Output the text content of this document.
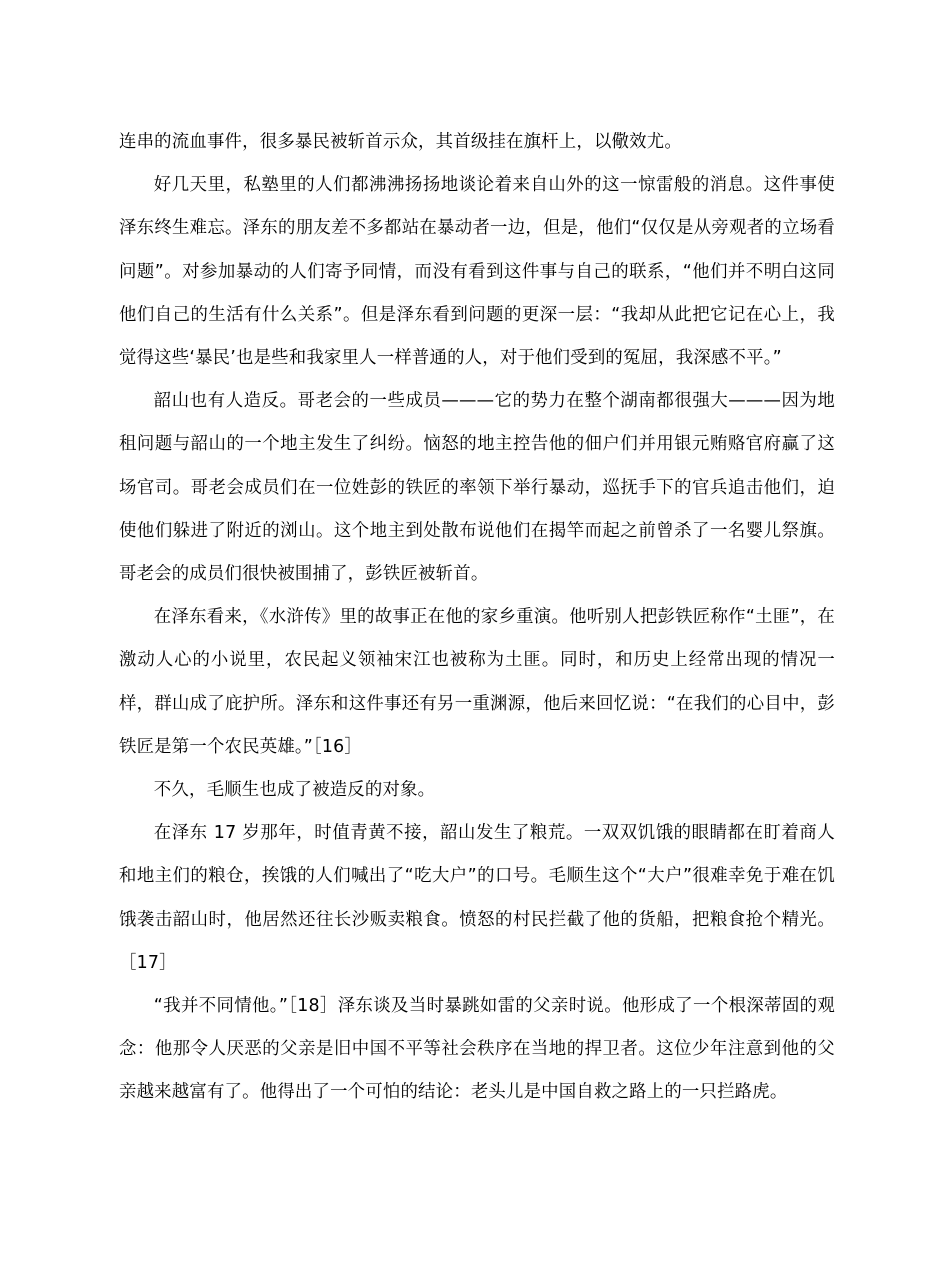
连串的流血事件，很多暴民被斩首示众，其首级挂在旗杆上，以儆效尤。

好几天里，私塾里的人们都沸沸扬扬地谈论着来自山外的这一惊雷般的消息。这件事使泽东终生难忘。泽东的朋友差不多都站在暴动者一边，但是，他们“仅仅是从旁观者的立场看问题”。对参加暴动的人们寄予同情，而没有看到这件事与自己的联系，“他们并不明白这同他们自己的生活有什么关系”。但是泽东看到问题的更深一层：“我却从此把它记在心上，我觉得这些‘暴民’也是些和我家里人一样普通的人，对于他们受到的冤屈，我深感不平。”

韶山也有人造反。哥老会的一些成员———它的势力在整个湖南都很强大———因为地租问题与韶山的一个地主发生了纠纷。恼怒的地主控告他的佃户们并用银元贿赂官府赢了这场官司。哥老会成员们在一位姓彭的铁匠的率领下举行暴动，巡抚手下的官兵追击他们，迫使他们躲进了附近的浏山。这个地主到处散布说他们在揭竿而起之前曾杀了一名婴儿祭旗。哥老会的成员们很快被围捕了，彭铁匠被斩首。

在泽东看来，《水浒传》里的故事正在他的家乡重演。他听别人把彭铁匠称作“土匪”，在激动人心的小说里，农民起义领袖宋江也被称为土匪。同时，和历史上经常出现的情况一样，群山成了庇护所。泽东和这件事还有另一重渊源，他后来回忆说：“在我们的心目中，彭铁匠是第一个农民英雄。”［16］

不久，毛顺生也成了被造反的对象。

在泽东 17 岁那年，时值青黄不接，韶山发生了粮荒。一双双饥饿的眼睛都在盯着商人和地主们的粮仓，挨饿的人们喊出了“吃大户”的口号。毛顺生这个“大户”很难幸免于难在饥饿袭击韶山时，他居然还往长沙贩卖粮食。愤怒的村民拦截了他的货船，把粮食抢个精光。［17］

“我并不同情他。”［18］泽东谈及当时暴跳如雷的父亲时说。他形成了一个根深蒂固的观念：他那令人厌恶的父亲是旧中国不平等社会秩序在当地的捍卫者。这位少年注意到他的父亲越来越富有了。他得出了一个可怕的结论：老头儿是中国自救之路上的一只拦路虎。
